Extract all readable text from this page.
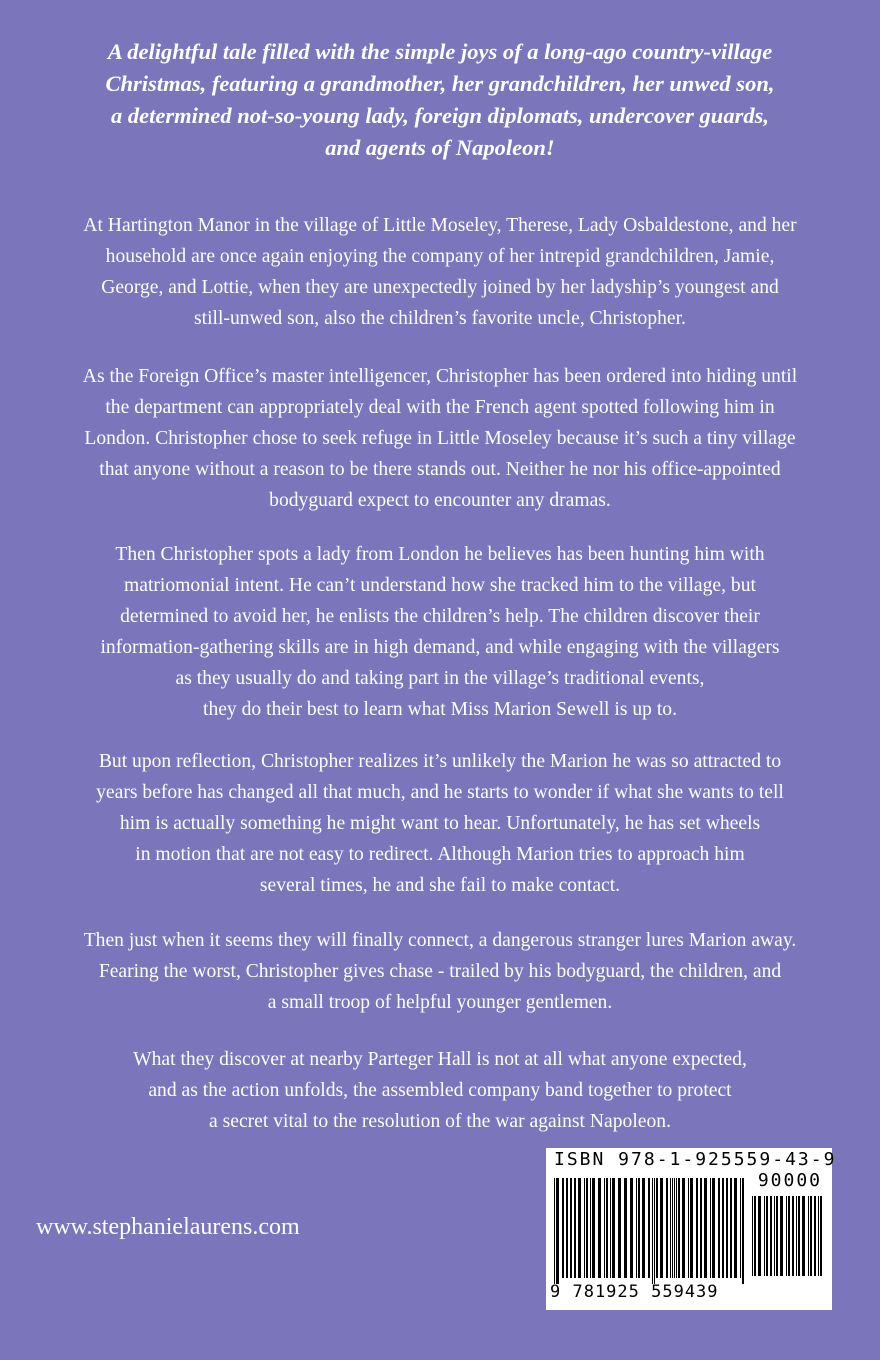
A delightful tale filled with the simple joys of a long-ago country-village
Christmas, featuring a grandmother, her grandchildren, her unwed son,
a determined not-so-young lady, foreign diplomats, undercover guards,
and agents of Napoleon!
At Hartington Manor in the village of Little Moseley, Therese, Lady Osbaldestone, and her
household are once again enjoying the company of her intrepid grandchildren, Jamie,
George, and Lottie, when they are unexpectedly joined by her ladyship’s youngest and
still-unwed son, also the children’s favorite uncle, Christopher.
As the Foreign Office’s master intelligencer, Christopher has been ordered into hiding until
the department can appropriately deal with the French agent spotted following him in
London. Christopher chose to seek refuge in Little Moseley because it’s such a tiny village
that anyone without a reason to be there stands out. Neither he nor his office-appointed
bodyguard expect to encounter any dramas.
Then Christopher spots a lady from London he believes has been hunting him with
matriomonial intent. He can’t understand how she tracked him to the village, but
determined to avoid her, he enlists the children’s help. The children discover their
information-gathering skills are in high demand, and while engaging with the villagers
as they usually do and taking part in the village’s traditional events,
they do their best to learn what Miss Marion Sewell is up to.
But upon reflection, Christopher realizes it’s unlikely the Marion he was so attracted to
years before has changed all that much, and he starts to wonder if what she wants to tell
him is actually something he might want to hear. Unfortunately, he has set wheels
in motion that are not easy to redirect. Although Marion tries to approach him
several times, he and she fail to make contact.
Then just when it seems they will finally connect, a dangerous stranger lures Marion away.
Fearing the worst, Christopher gives chase - trailed by his bodyguard, the children, and
a small troop of helpful younger gentlemen.
What they discover at nearby Parteger Hall is not at all what anyone expected,
and as the action unfolds, the assembled company band together to protect
a secret vital to the resolution of the war against Napoleon.
www.stephanielaurens.com
ISBN 978-1-925559-43-9
90000
9 781925 559439
